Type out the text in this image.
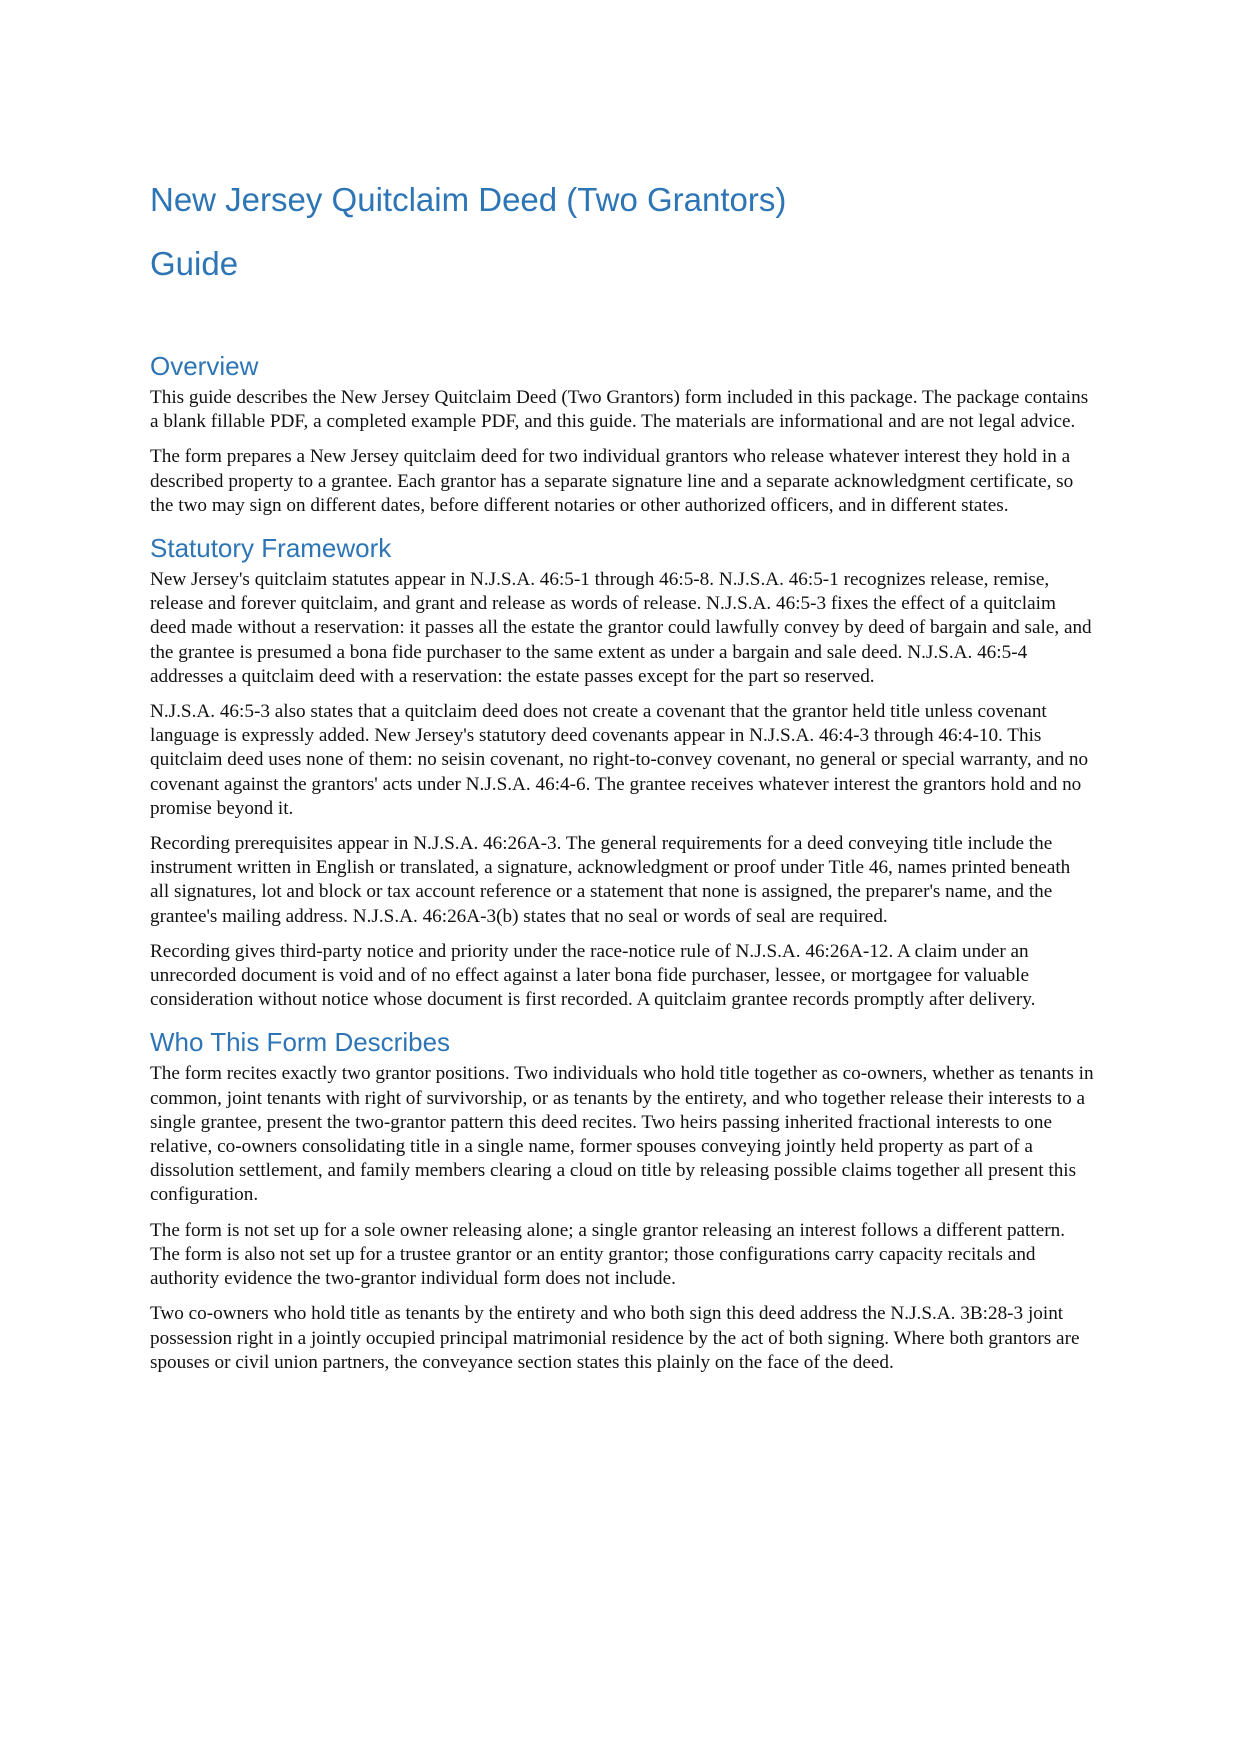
New Jersey Quitclaim Deed (Two Grantors)
Guide
Overview

This guide describes the New Jersey Quitclaim Deed (Two Grantors) form included in this package. The package contains a blank fillable PDF, a completed example PDF, and this guide. The materials are informational and are not legal advice.

The form prepares a New Jersey quitclaim deed for two individual grantors who release whatever interest they hold in a described property to a grantee. Each grantor has a separate signature line and a separate acknowledgment certificate, so the two may sign on different dates, before different notaries or other authorized officers, and in different states.

Statutory Framework

New Jersey's quitclaim statutes appear in N.J.S.A. 46:5-1 through 46:5-8. N.J.S.A. 46:5-1 recognizes release, remise, release and forever quitclaim, and grant and release as words of release. N.J.S.A. 46:5-3 fixes the effect of a quitclaim deed made without a reservation: it passes all the estate the grantor could lawfully convey by deed of bargain and sale, and the grantee is presumed a bona fide purchaser to the same extent as under a bargain and sale deed. N.J.S.A. 46:5-4 addresses a quitclaim deed with a reservation: the estate passes except for the part so reserved.

N.J.S.A. 46:5-3 also states that a quitclaim deed does not create a covenant that the grantor held title unless covenant language is expressly added. New Jersey's statutory deed covenants appear in N.J.S.A. 46:4-3 through 46:4-10. This quitclaim deed uses none of them: no seisin covenant, no right-to-convey covenant, no general or special warranty, and no covenant against the grantors' acts under N.J.S.A. 46:4-6. The grantee receives whatever interest the grantors hold and no promise beyond it.

Recording prerequisites appear in N.J.S.A. 46:26A-3. The general requirements for a deed conveying title include the instrument written in English or translated, a signature, acknowledgment or proof under Title 46, names printed beneath all signatures, lot and block or tax account reference or a statement that none is assigned, the preparer's name, and the grantee's mailing address. N.J.S.A. 46:26A-3(b) states that no seal or words of seal are required.

Recording gives third-party notice and priority under the race-notice rule of N.J.S.A. 46:26A-12. A claim under an unrecorded document is void and of no effect against a later bona fide purchaser, lessee, or mortgagee for valuable consideration without notice whose document is first recorded. A quitclaim grantee records promptly after delivery.

Who This Form Describes

The form recites exactly two grantor positions. Two individuals who hold title together as co-owners, whether as tenants in common, joint tenants with right of survivorship, or as tenants by the entirety, and who together release their interests to a single grantee, present the two-grantor pattern this deed recites. Two heirs passing inherited fractional interests to one relative, co-owners consolidating title in a single name, former spouses conveying jointly held property as part of a dissolution settlement, and family members clearing a cloud on title by releasing possible claims together all present this configuration.

The form is not set up for a sole owner releasing alone; a single grantor releasing an interest follows a different pattern. The form is also not set up for a trustee grantor or an entity grantor; those configurations carry capacity recitals and authority evidence the two-grantor individual form does not include.

Two co-owners who hold title as tenants by the entirety and who both sign this deed address the N.J.S.A. 3B:28-3 joint possession right in a jointly occupied principal matrimonial residence by the act of both signing. Where both grantors are spouses or civil union partners, the conveyance section states this plainly on the face of the deed.
